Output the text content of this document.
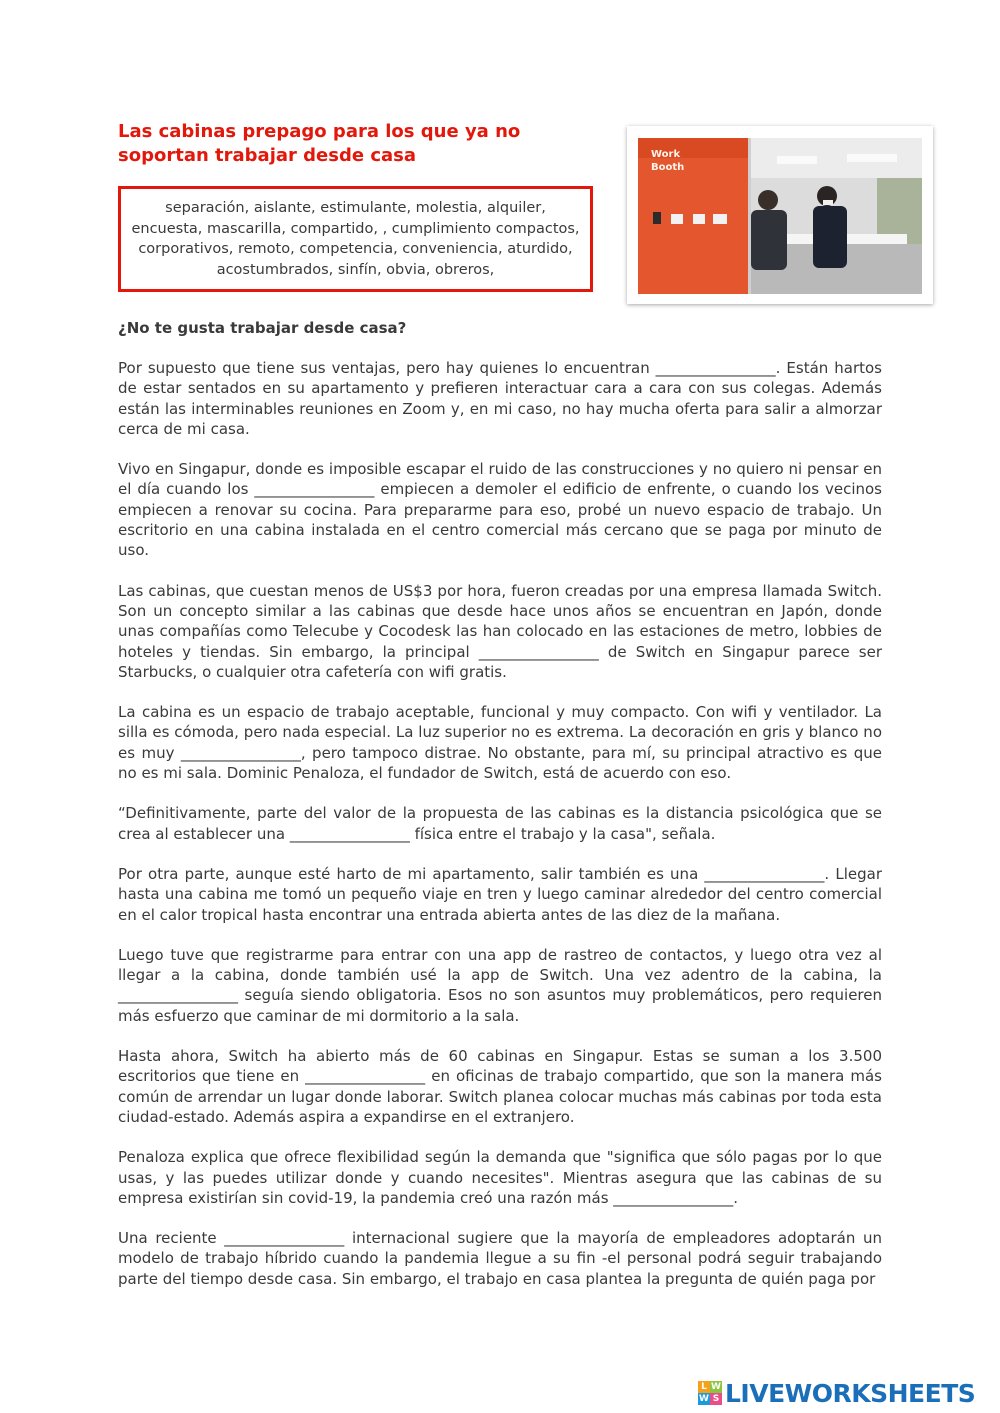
Las cabinas prepago para los que ya no soportan trabajar desde casa
separación, aislante, estimulante, molestia, alquiler, encuesta, mascarilla, compartido, , cumplimiento compactos, corporativos, remoto, competencia, conveniencia, aturdido, acostumbrados, sinfín, obvia, obreros,
Work
Booth
¿No te gusta trabajar desde casa?

Por supuesto que tiene sus ventajas, pero hay quienes lo encuentran ________________. Están hartos de estar sentados en su apartamento y prefieren interactuar cara a cara con sus colegas. Además están las interminables reuniones en Zoom y, en mi caso, no hay mucha oferta para salir a almorzar cerca de mi casa.

Vivo en Singapur, donde es imposible escapar el ruido de las construcciones y no quiero ni pensar en el día cuando los ________________ empiecen a demoler el edificio de enfrente, o cuando los vecinos empiecen a renovar su cocina. Para prepararme para eso, probé un nuevo espacio de trabajo. Un escritorio en una cabina instalada en el centro comercial más cercano que se paga por minuto de uso.

Las cabinas, que cuestan menos de US$3 por hora, fueron creadas por una empresa llamada Switch. Son un concepto similar a las cabinas que desde hace unos años se encuentran en Japón, donde unas compañías como Telecube y Cocodesk las han colocado en las estaciones de metro, lobbies de hoteles y tiendas. Sin embargo, la principal ________________ de Switch en Singapur parece ser Starbucks, o cualquier otra cafetería con wifi gratis.

La cabina es un espacio de trabajo aceptable, funcional y muy compacto. Con wifi y ventilador. La silla es cómoda, pero nada especial. La luz superior no es extrema. La decoración en gris y blanco no es muy ________________, pero tampoco distrae. No obstante, para mí, su principal atractivo es que no es mi sala. Dominic Penaloza, el fundador de Switch, está de acuerdo con eso.

“Definitivamente, parte del valor de la propuesta de las cabinas es la distancia psicológica que se crea al establecer una ________________ física entre el trabajo y la casa", señala.

Por otra parte, aunque esté harto de mi apartamento, salir también es una ________________. Llegar hasta una cabina me tomó un pequeño viaje en tren y luego caminar alrededor del centro comercial en el calor tropical hasta encontrar una entrada abierta antes de las diez de la mañana.

Luego tuve que registrarme para entrar con una app de rastreo de contactos, y luego otra vez al llegar a la cabina, donde también usé la app de Switch. Una vez adentro de la cabina, la ________________ seguía siendo obligatoria. Esos no son asuntos muy problemáticos, pero requieren más esfuerzo que caminar de mi dormitorio a la sala.

Hasta ahora, Switch ha abierto más de 60 cabinas en Singapur. Estas se suman a los 3.500 escritorios que tiene en ________________ en oficinas de trabajo compartido, que son la manera más común de arrendar un lugar donde laborar. Switch planea colocar muchas más cabinas por toda esta ciudad-estado. Además aspira a expandirse en el extranjero.

Penaloza explica que ofrece flexibilidad según la demanda que "significa que sólo pagas por lo que usas, y las puedes utilizar donde y cuando necesites". Mientras asegura que las cabinas de su empresa existirían sin covid-19, la pandemia creó una razón más ________________.

Una reciente ________________ internacional sugiere que la mayoría de empleadores adoptarán un modelo de trabajo híbrido cuando la pandemia llegue a su fin -el personal podrá seguir trabajando parte del tiempo desde casa. Sin embargo, el trabajo en casa plantea la pregunta de quién paga por

L W
W S LIVEWORKSHEETS
